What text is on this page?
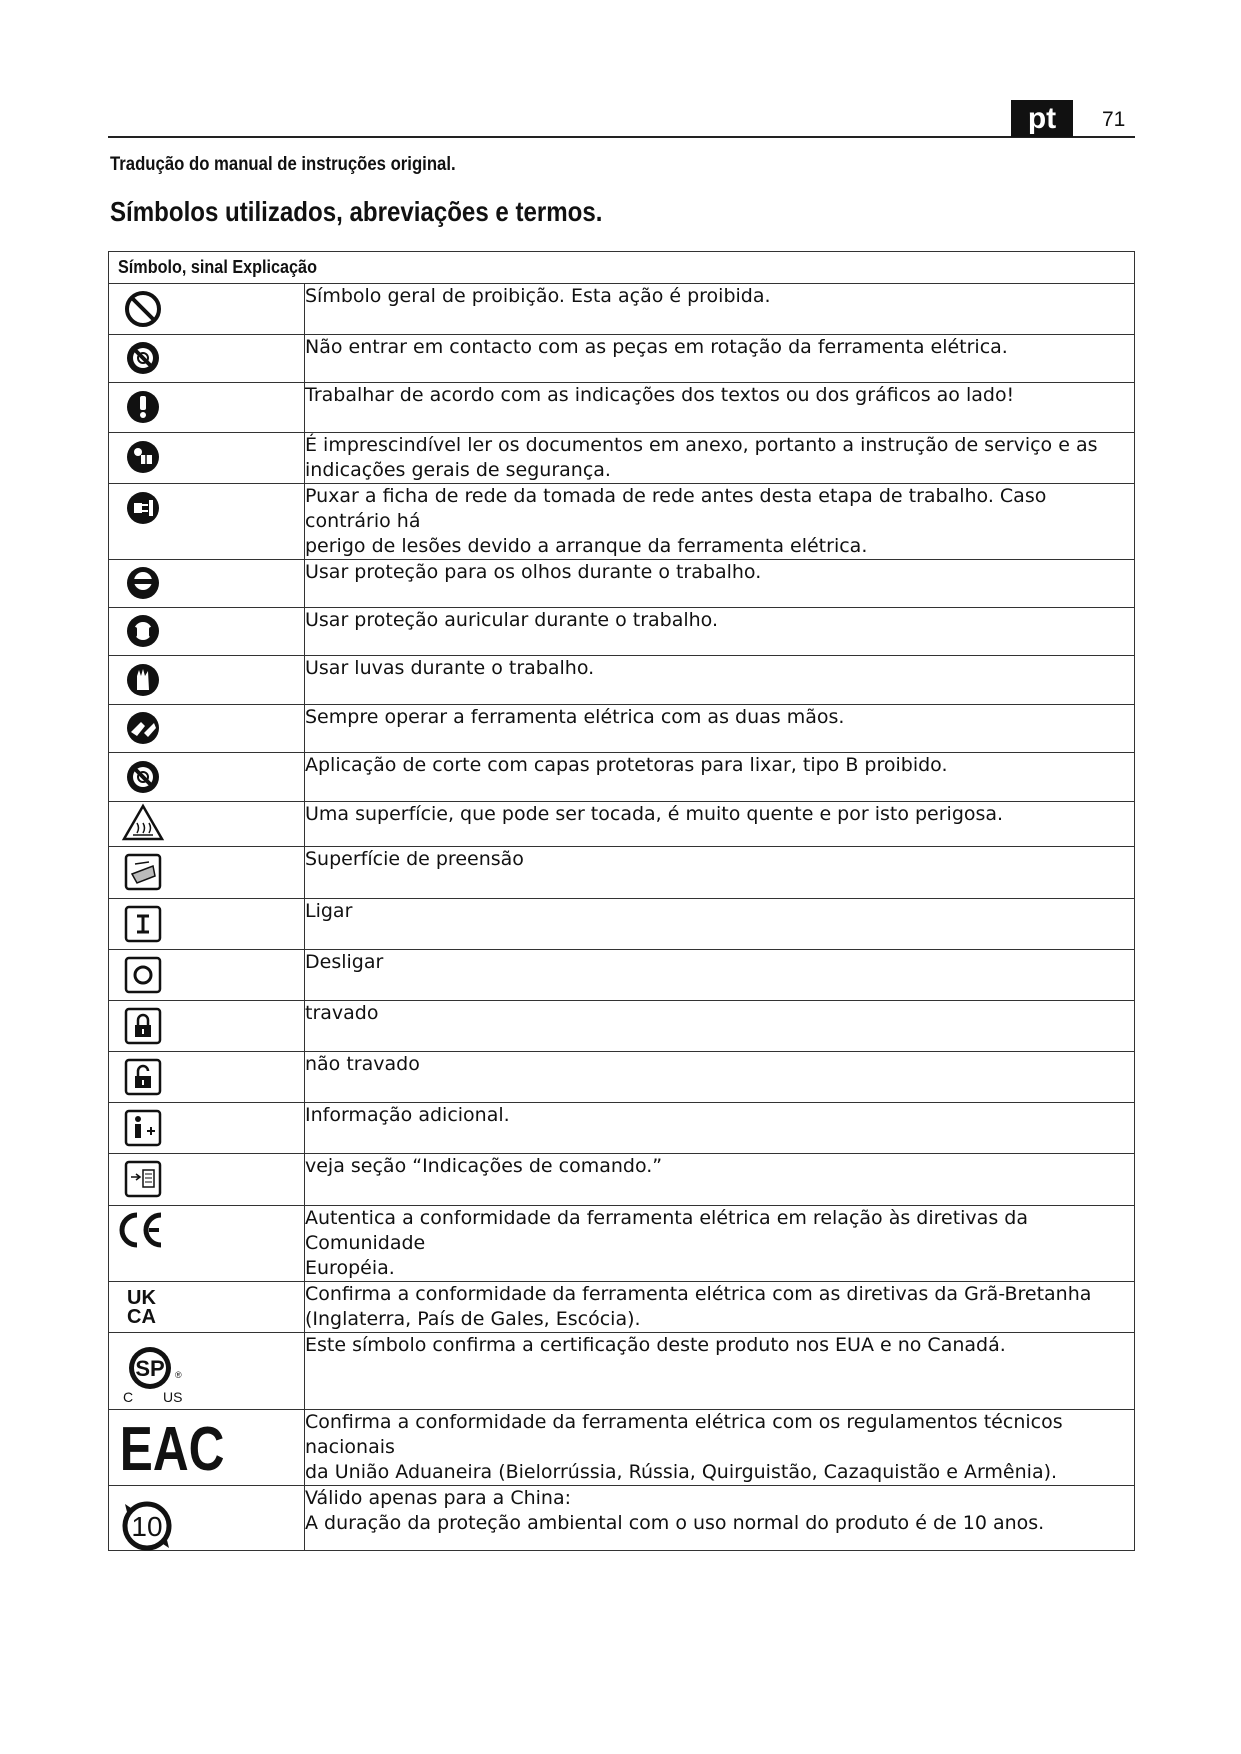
pt	71
Tradução do manual de instruções original.
Símbolos utilizados, abreviações e termos.
Símbolo, sinal Explicação	

Símbolo geral de proibição. Esta ação é proibida.

Não entrar em contacto com as peças em rotação da ferramenta elétrica.

Trabalhar de acordo com as indicações dos textos ou dos gráficos ao lado!

É imprescindível ler os documentos em anexo, portanto a instrução de serviço e as
indicações gerais de segurança.

Puxar a ficha de rede da tomada de rede antes desta etapa de trabalho. Caso contrário há
perigo de lesões devido a arranque da ferramenta elétrica.

Usar proteção para os olhos durante o trabalho.

Usar proteção auricular durante o trabalho.

Usar luvas durante o trabalho.

Sempre operar a ferramenta elétrica com as duas mãos.

Aplicação de corte com capas protetoras para lixar, tipo B proibido.

Uma superfície, que pode ser tocada, é muito quente e por isto perigosa.

Superfície de preensão

Ligar

Desligar

travado

não travado

Informação adicional.

veja seção “Indicações de comando.”

CE	Autentica a conformidade da ferramenta elétrica em relação às diretivas da Comunidade
Européia.

UK
CA	Confirma a conformidade da ferramenta elétrica com as diretivas da Grã-Bretanha
(Inglaterra, País de Gales, Escócia).

SP ®
C US	Este símbolo confirma a certificação deste produto nos EUA e no Canadá.

EAC	Confirma a conformidade da ferramenta elétrica com os regulamentos técnicos nacionais
da União Aduaneira (Bielorrússia, Rússia, Quirguistão, Cazaquistão e Armênia).

10	Válido apenas para a China:
A duração da proteção ambiental com o uso normal do produto é de 10 anos.
